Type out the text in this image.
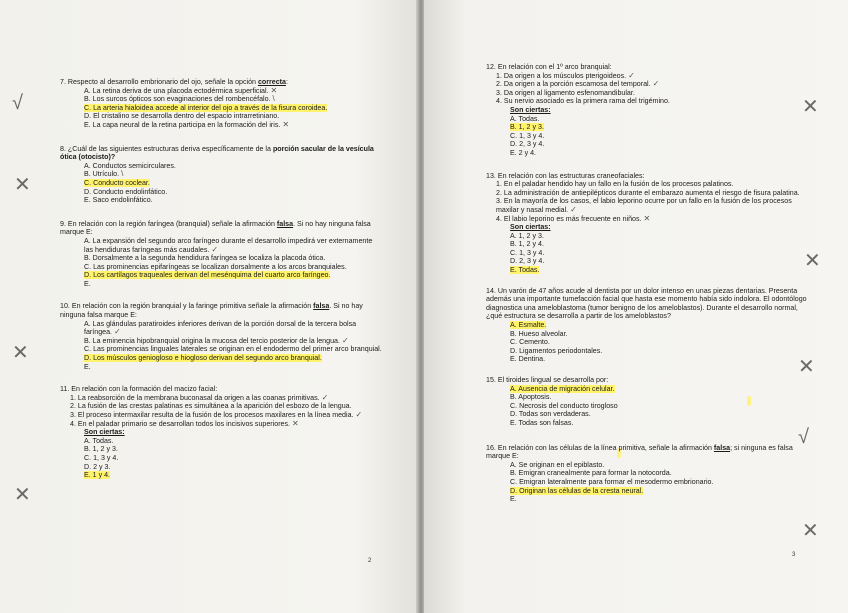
√
✕
✕
✕
7. Respecto al desarrollo embrionario del ojo, señale la opción correcta:
A. La retina deriva de una placoda ectodérmica superficial. ✕
B. Los surcos ópticos son evaginaciones del rombencéfalo. \
C. La arteria hialoidea accede al interior del ojo a través de la fisura coroidea.
D. El cristalino se desarrolla dentro del espacio intrarretiniano.
E. La capa neural de la retina participa en la formación del iris. ✕
8. ¿Cuál de las siguientes estructuras deriva específicamente de la porción sacular de la vesícula ótica (otocisto)?
A. Conductos semicirculares.
B. Utrículo. \
C. Conducto coclear.
D. Conducto endolinfático.
E. Saco endolinfático.
9. En relación con la región faríngea (branquial) señale la afirmación falsa. Si no hay ninguna falsa marque E:
A. La expansión del segundo arco faríngeo durante el desarrollo impedirá ver externamente las hendiduras faríngeas más caudales. ✓
B. Dorsalmente a la segunda hendidura faríngea se localiza la placoda ótica.
C. Las prominencias epifaríngeas se localizan dorsalmente a los arcos branquiales.
D. Los cartílagos traqueales derivan del mesénquima del cuarto arco faríngeo.
E.
10. En relación con la región branquial y la faringe primitiva señale la afirmación falsa. Si no hay ninguna falsa marque E:
A. Las glándulas paratiroides inferiores derivan de la porción dorsal de la tercera bolsa faríngea. ✓
B. La eminencia hipobranquial origina la mucosa del tercio posterior de la lengua. ✓
C. Las prominencias linguales laterales se originan en el endodermo del primer arco branquial.
D. Los músculos geniogloso e hiogloso derivan del segundo arco branquial.
E.
11. En relación con la formación del macizo facial:
1. La reabsorción de la membrana buconasal da origen a las coanas primitivas. ✓
2. La fusión de las crestas palatinas es simultánea a la aparición del esbozo de la lengua.
3. El proceso intermaxilar resulta de la fusión de los procesos maxilares en la línea media. ✓
4. En el paladar primario se desarrollan todos los incisivos superiores. ✕
Son ciertas:
A. Todas.
B. 1, 2 y 3.
C. 1, 3 y 4.
D. 2 y 3.
E. 1 y 4.
2
✕
✕
✕
√
✕
12. En relación con el 1º arco branquial:
1. Da origen a los músculos pterigoideos. ✓
2. Da origen a la porción escamosa del temporal. ✓
3. Da origen al ligamento esfenomandibular.
4. Su nervio asociado es la primera rama del trigémino.
Son ciertas:
A. Todas.
B. 1, 2 y 3.
C. 1, 3 y 4.
D. 2, 3 y 4.
E. 2 y 4.
13. En relación con las estructuras craneofaciales:
1. En el paladar hendido hay un fallo en la fusión de los procesos palatinos.
2. La administración de antiepilépticos durante el embarazo aumenta el riesgo de fisura palatina.
3. En la mayoría de los casos, el labio leporino ocurre por un fallo en la fusión de los procesos maxilar y nasal medial. ✓
4. El labio leporino es más frecuente en niños. ✕
Son ciertas:
A. 1, 2 y 3.
B. 1, 2 y 4.
C. 1, 3 y 4.
D. 2, 3 y 4.
E. Todas.
14. Un varón de 47 años acude al dentista por un dolor intenso en unas piezas dentarias. Presenta además una importante tumefacción facial que hasta ese momento había sido indolora. El odontólogo diagnostica una ameloblastoma (tumor benigno de los ameloblastos). Durante el desarrollo normal, ¿qué estructura se desarrolla a partir de los ameloblastos?
A. Esmalte.
B. Hueso alveolar.
C. Cemento.
D. Ligamentos periodontales.
E. Dentina.
15. El tiroides lingual se desarrolla por:
A. Ausencia de migración celular.
B. Apoptosis.
C. Necrosis del conducto tirogloso
D. Todas son verdaderas.
E. Todas son falsas.
16. En relación con las células de la línea primitiva, señale la afirmación falsa; si ninguna es falsa marque E:
A. Se originan en el epiblasto.
B. Emigran cranealmente para formar la notocorda.
C. Emigran lateralmente para formar el mesodermo embrionario.
D. Originan las células de la cresta neural.
E.
3
